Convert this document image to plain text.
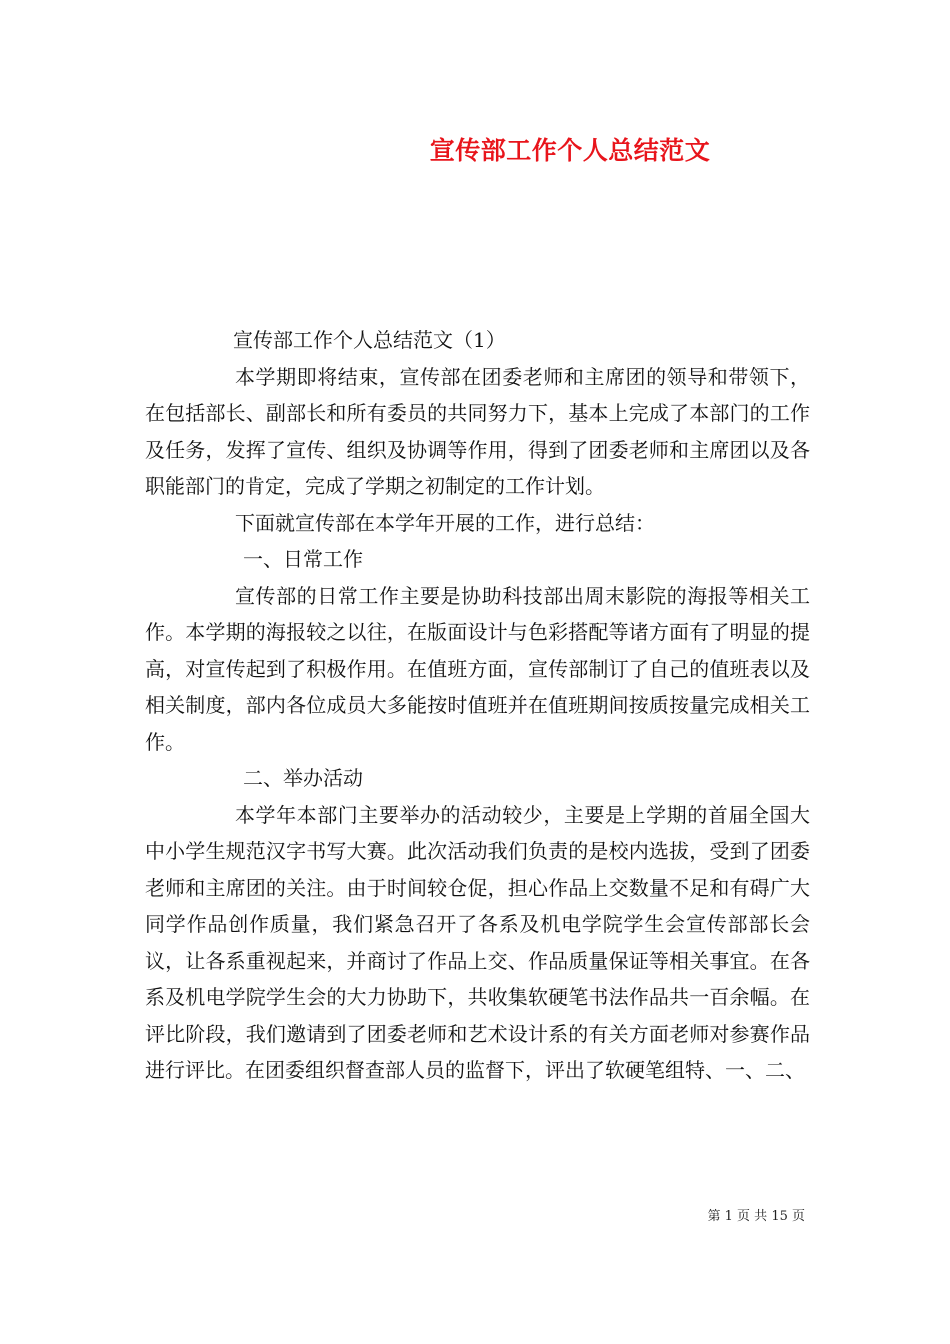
宣传部工作个人总结范文

宣传部工作个人总结范文（1）

本学期即将结束，宣传部在团委老师和主席团的领导和带领下，在包括部长、副部长和所有委员的共同努力下，基本上完成了本部门的工作及任务，发挥了宣传、组织及协调等作用，得到了团委老师和主席团以及各职能部门的肯定，完成了学期之初制定的工作计划。

下面就宣传部在本学年开展的工作，进行总结：

一、日常工作

宣传部的日常工作主要是协助科技部出周末影院的海报等相关工作。本学期的海报较之以往，在版面设计与色彩搭配等诸方面有了明显的提高，对宣传起到了积极作用。在值班方面，宣传部制订了自己的值班表以及相关制度，部内各位成员大多能按时值班并在值班期间按质按量完成相关工作。

二、举办活动

本学年本部门主要举办的活动较少，主要是上学期的首届全国大中小学生规范汉字书写大赛。此次活动我们负责的是校内选拔，受到了团委老师和主席团的关注。由于时间较仓促，担心作品上交数量不足和有碍广大同学作品创作质量，我们紧急召开了各系及机电学院学生会宣传部部长会议，让各系重视起来，并商讨了作品上交、作品质量保证等相关事宜。在各系及机电学院学生会的大力协助下，共收集软硬笔书法作品共一百余幅。在评比阶段，我们邀请到了团委老师和艺术设计系的有关方面老师对参赛作品进行评比。在团委组织督查部人员的监督下，评出了软硬笔组特、一、二、

第 1 页 共 15 页
